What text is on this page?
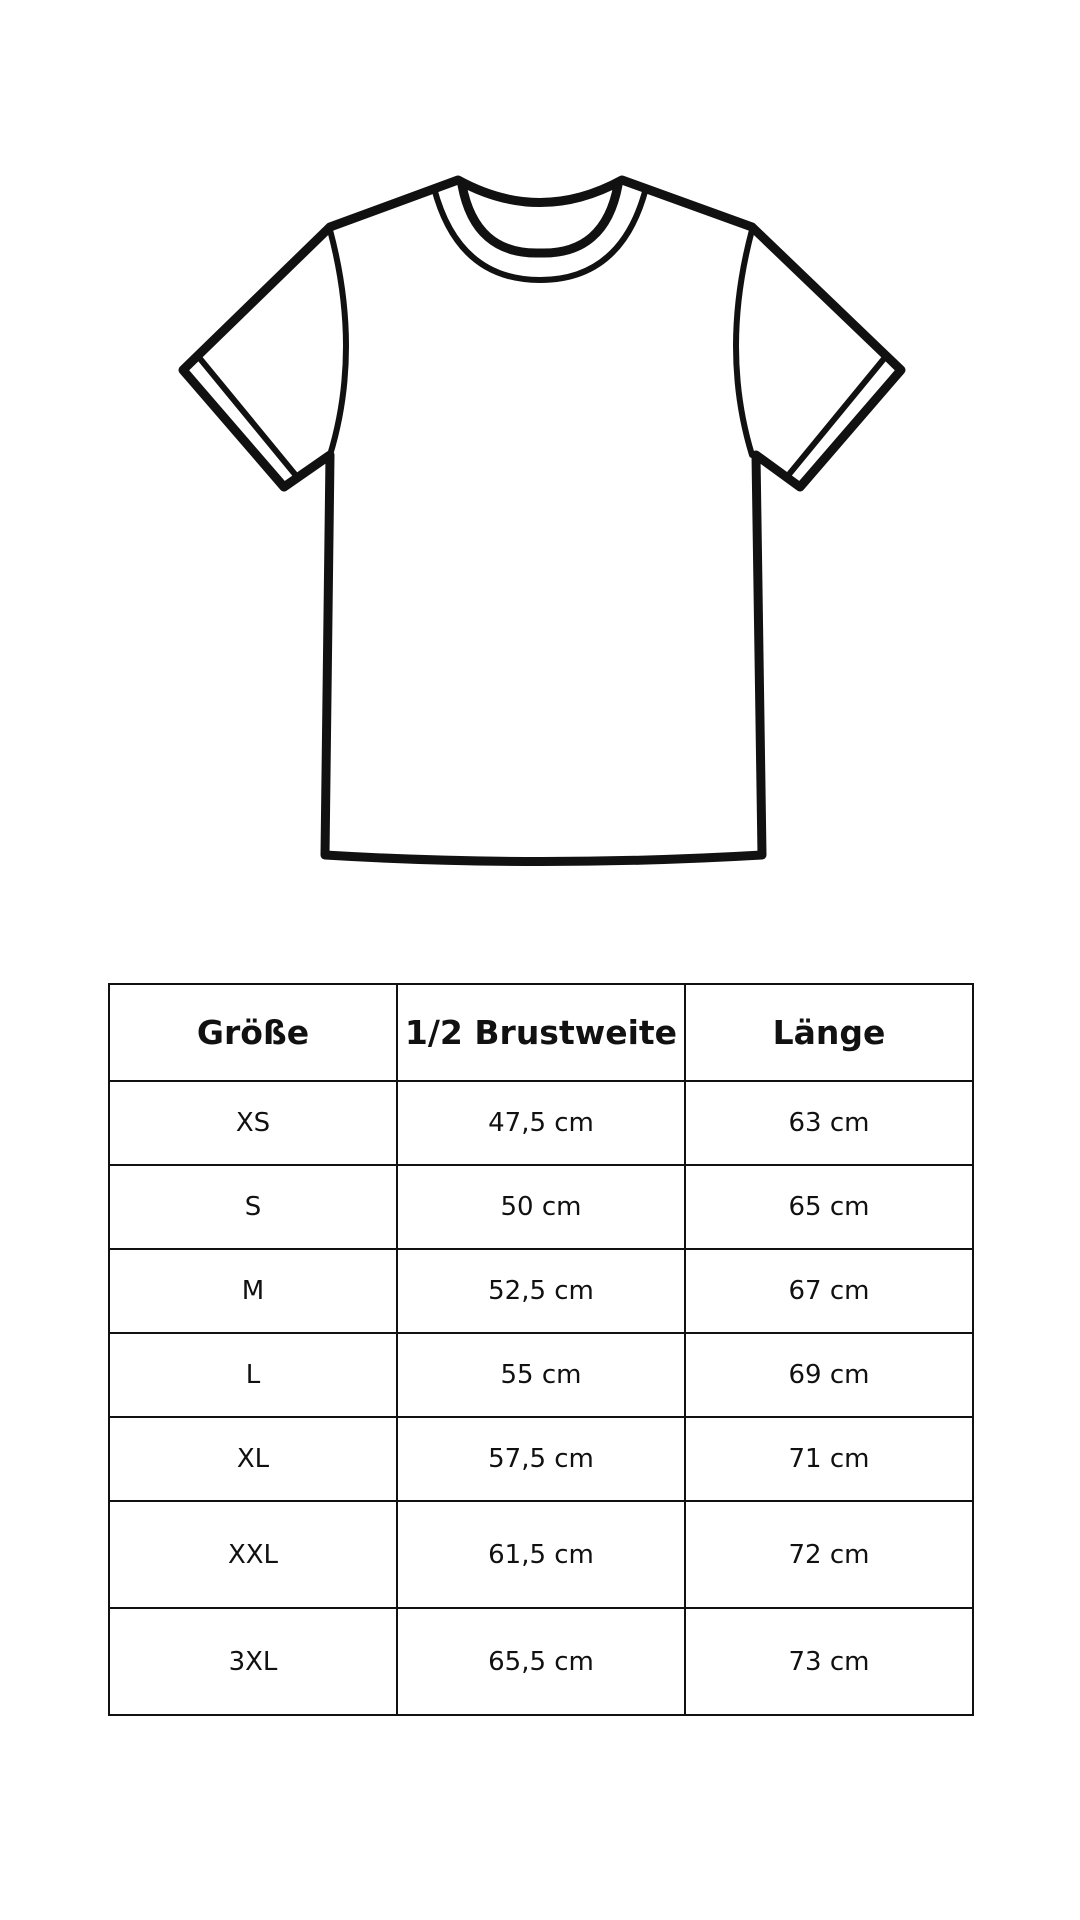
Größe	1/2 Brustweite	Länge
XS	47,5 cm	63 cm
S	50 cm	65 cm
M	52,5 cm	67 cm
L	55 cm	69 cm
XL	57,5 cm	71 cm
XXL	61,5 cm	72 cm
3XL	65,5 cm	73 cm
